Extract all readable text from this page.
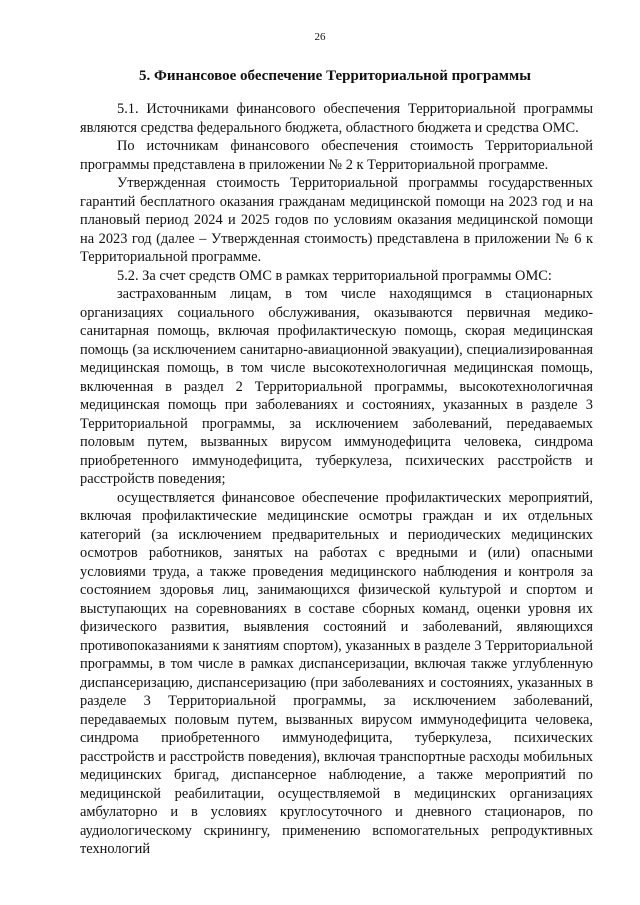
26
5. Финансовое обеспечение Территориальной программы

5.1. Источниками финансового обеспечения Территориальной программы являются средства федерального бюджета, областного бюджета и средства ОМС.

По источникам финансового обеспечения стоимость Территориальной программы представлена в приложении № 2 к Территориальной программе.

Утвержденная стоимость Территориальной программы государственных гарантий бесплатного оказания гражданам медицинской помощи на 2023 год и на плановый период 2024 и 2025 годов по условиям оказания медицинской помощи на 2023 год (далее – Утвержденная стоимость) представлена в приложении № 6 к Территориальной программе.

5.2. За счет средств ОМС в рамках территориальной программы ОМС:

застрахованным лицам, в том числе находящимся в стационарных организациях социального обслуживания, оказываются первичная медико-санитарная помощь, включая профилактическую помощь, скорая медицинская помощь (за исключением санитарно-авиационной эвакуации), специализированная медицинская помощь, в том числе высокотехнологичная медицинская помощь, включенная в раздел 2 Территориальной программы, высокотехнологичная медицинская помощь при заболеваниях и состояниях, указанных в разделе 3 Территориальной программы, за исключением заболеваний, передаваемых половым путем, вызванных вирусом иммунодефицита человека, синдрома приобретенного иммунодефицита, туберкулеза, психических расстройств и расстройств поведения;

осуществляется финансовое обеспечение профилактических мероприятий, включая профилактические медицинские осмотры граждан и их отдельных категорий (за исключением предварительных и периодических медицинских осмотров работников, занятых на работах с вредными и (или) опасными условиями труда, а также проведения медицинского наблюдения и контроля за состоянием здоровья лиц, занимающихся физической культурой и спортом и выступающих на соревнованиях в составе сборных команд, оценки уровня их физического развития, выявления состояний и заболеваний, являющихся противопоказаниями к занятиям спортом), указанных в разделе 3 Территориальной программы, в том числе в рамках диспансеризации, включая также углубленную диспансеризацию, диспансеризацию (при заболеваниях и состояниях, указанных в разделе 3 Территориальной программы, за исключением заболеваний, передаваемых половым путем, вызванных вирусом иммунодефицита человека, синдрома приобретенного иммунодефицита, туберкулеза, психических расстройств и расстройств поведения), включая транспортные расходы мобильных медицинских бригад, диспансерное наблюдение, а также мероприятий по медицинской реабилитации, осуществляемой в медицинских организациях амбулаторно и в условиях круглосуточного и дневного стационаров, по аудиологическому скринингу, применению вспомогательных репродуктивных технологий
